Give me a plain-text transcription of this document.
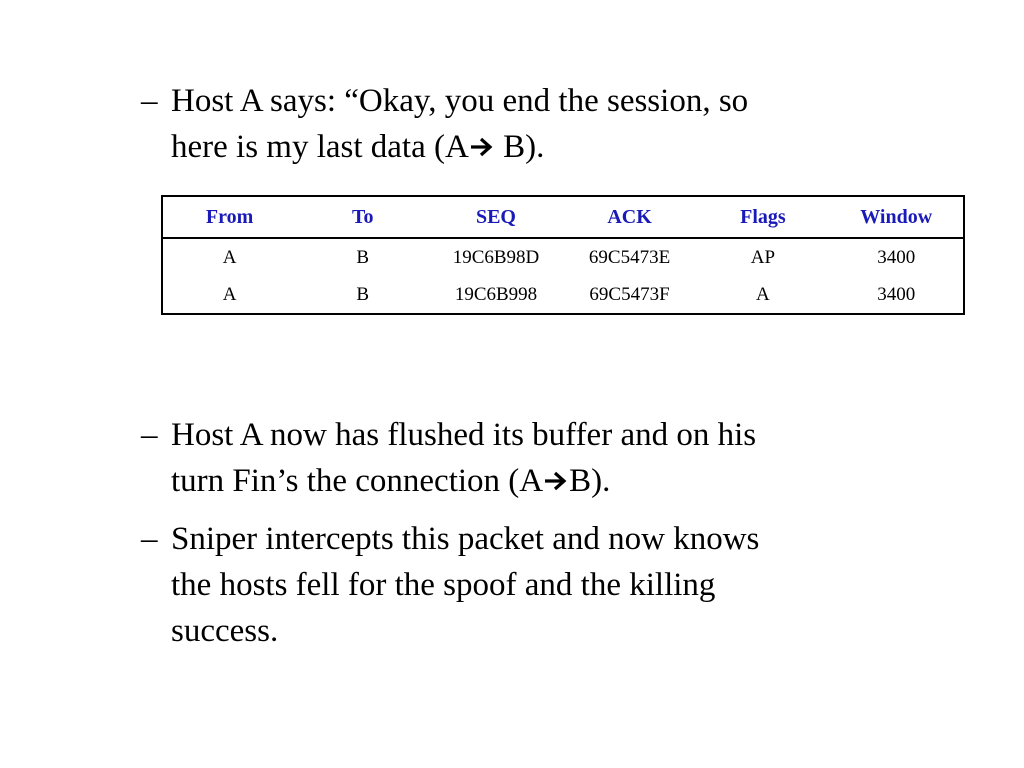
– Host A says: “Okay, you end the session, so
here is my last data (A B).
From	To	SEQ	ACK	Flags	Window
A	B	19C6B98D	69C5473E	AP	3400
A	B	19C6B998	69C5473F	A	3400
– Host A now has flushed its buffer and on his
turn Fin’s the connection (A B).
– Sniper intercepts this packet and now knows
the hosts fell for the spoof and the killing
success.
